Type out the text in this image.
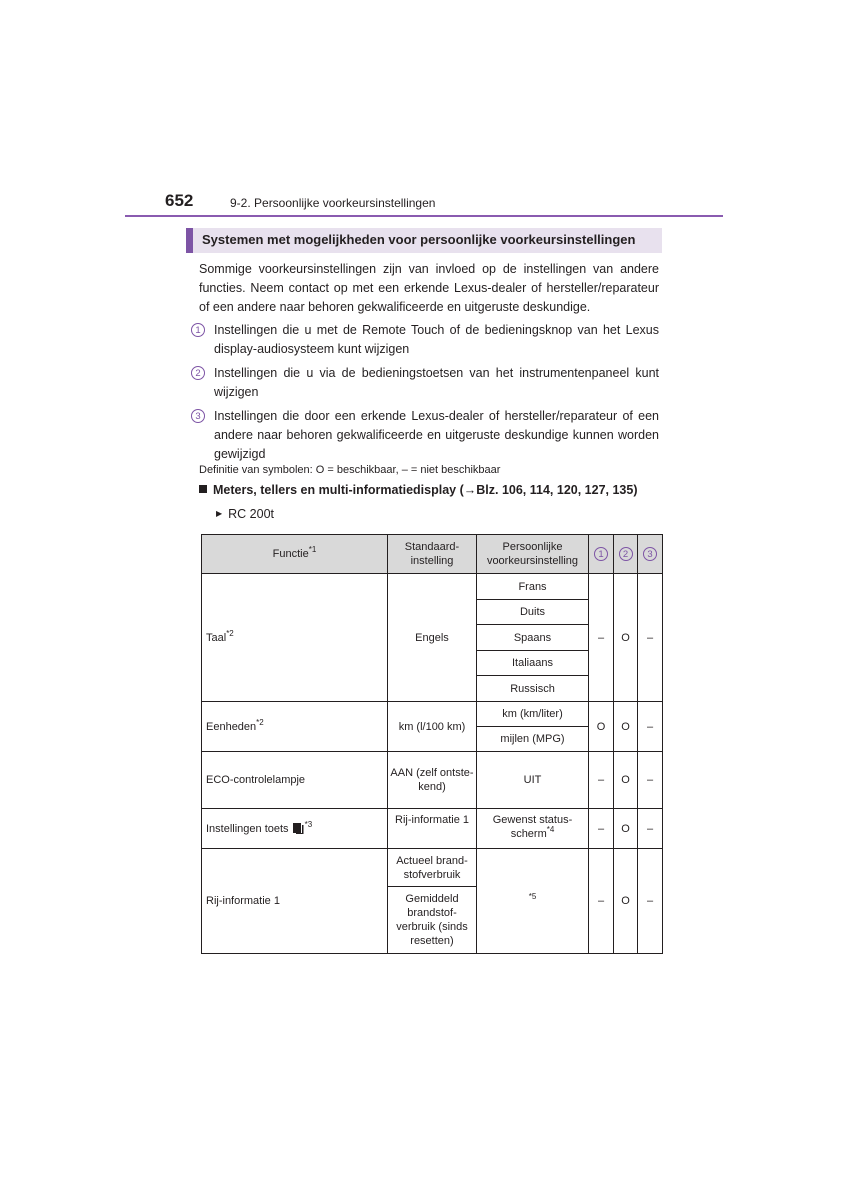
652	9-2. Persoonlijke voorkeursinstellingen
Systemen met mogelijkheden voor persoonlijke voorkeursinstellingen

Sommige voorkeursinstellingen zijn van invloed op de instellingen van andere functies. Neem contact op met een erkende Lexus-dealer of hersteller/reparateur of een andere naar behoren gekwalificeerde en uitgeruste deskundige.

1	Instellingen die u met de Remote Touch of de bedieningsknop van het Lexus display-audiosysteem kunt wijzigen
2	Instellingen die u via de bedieningstoetsen van het instrumentenpaneel kunt wijzigen
3	Instellingen die door een erkende Lexus-dealer of hersteller/reparateur of een andere naar behoren gekwalificeerde en uitgeruste deskundige kunnen worden gewijzigd
Definitie van symbolen: O = beschikbaar, – = niet beschikbaar
Meters, tellers en multi-informatiedisplay (→Blz. 106, 114, 120, 127, 135)
▶ RC 200t
Functie$^{*1}$	Standaard-instelling	Persoonlijke voorkeursinstelling	1	2	3
Taal$^{*2}$	Engels	Frans	–	O	–
		Duits			
		Spaans			
		Italiaans			
		Russisch			
Eenheden$^{*2}$	km (l/100 km)	km (km/liter)	O	O	–
		mijlen (MPG)			
ECO-controlelampje	AAN (zelf ontste-kend)	UIT	–	O	–
Instellingen toets $^{*3}$	Rij-informatie 1	Gewenst status-scherm$^{*4}$	–	O	–
Rij-informatie 1	Actueel brand-stofverbruik	$^{*5}$	–	O	–
	Gemiddeld brandstof-verbruik (sinds resetten)				
